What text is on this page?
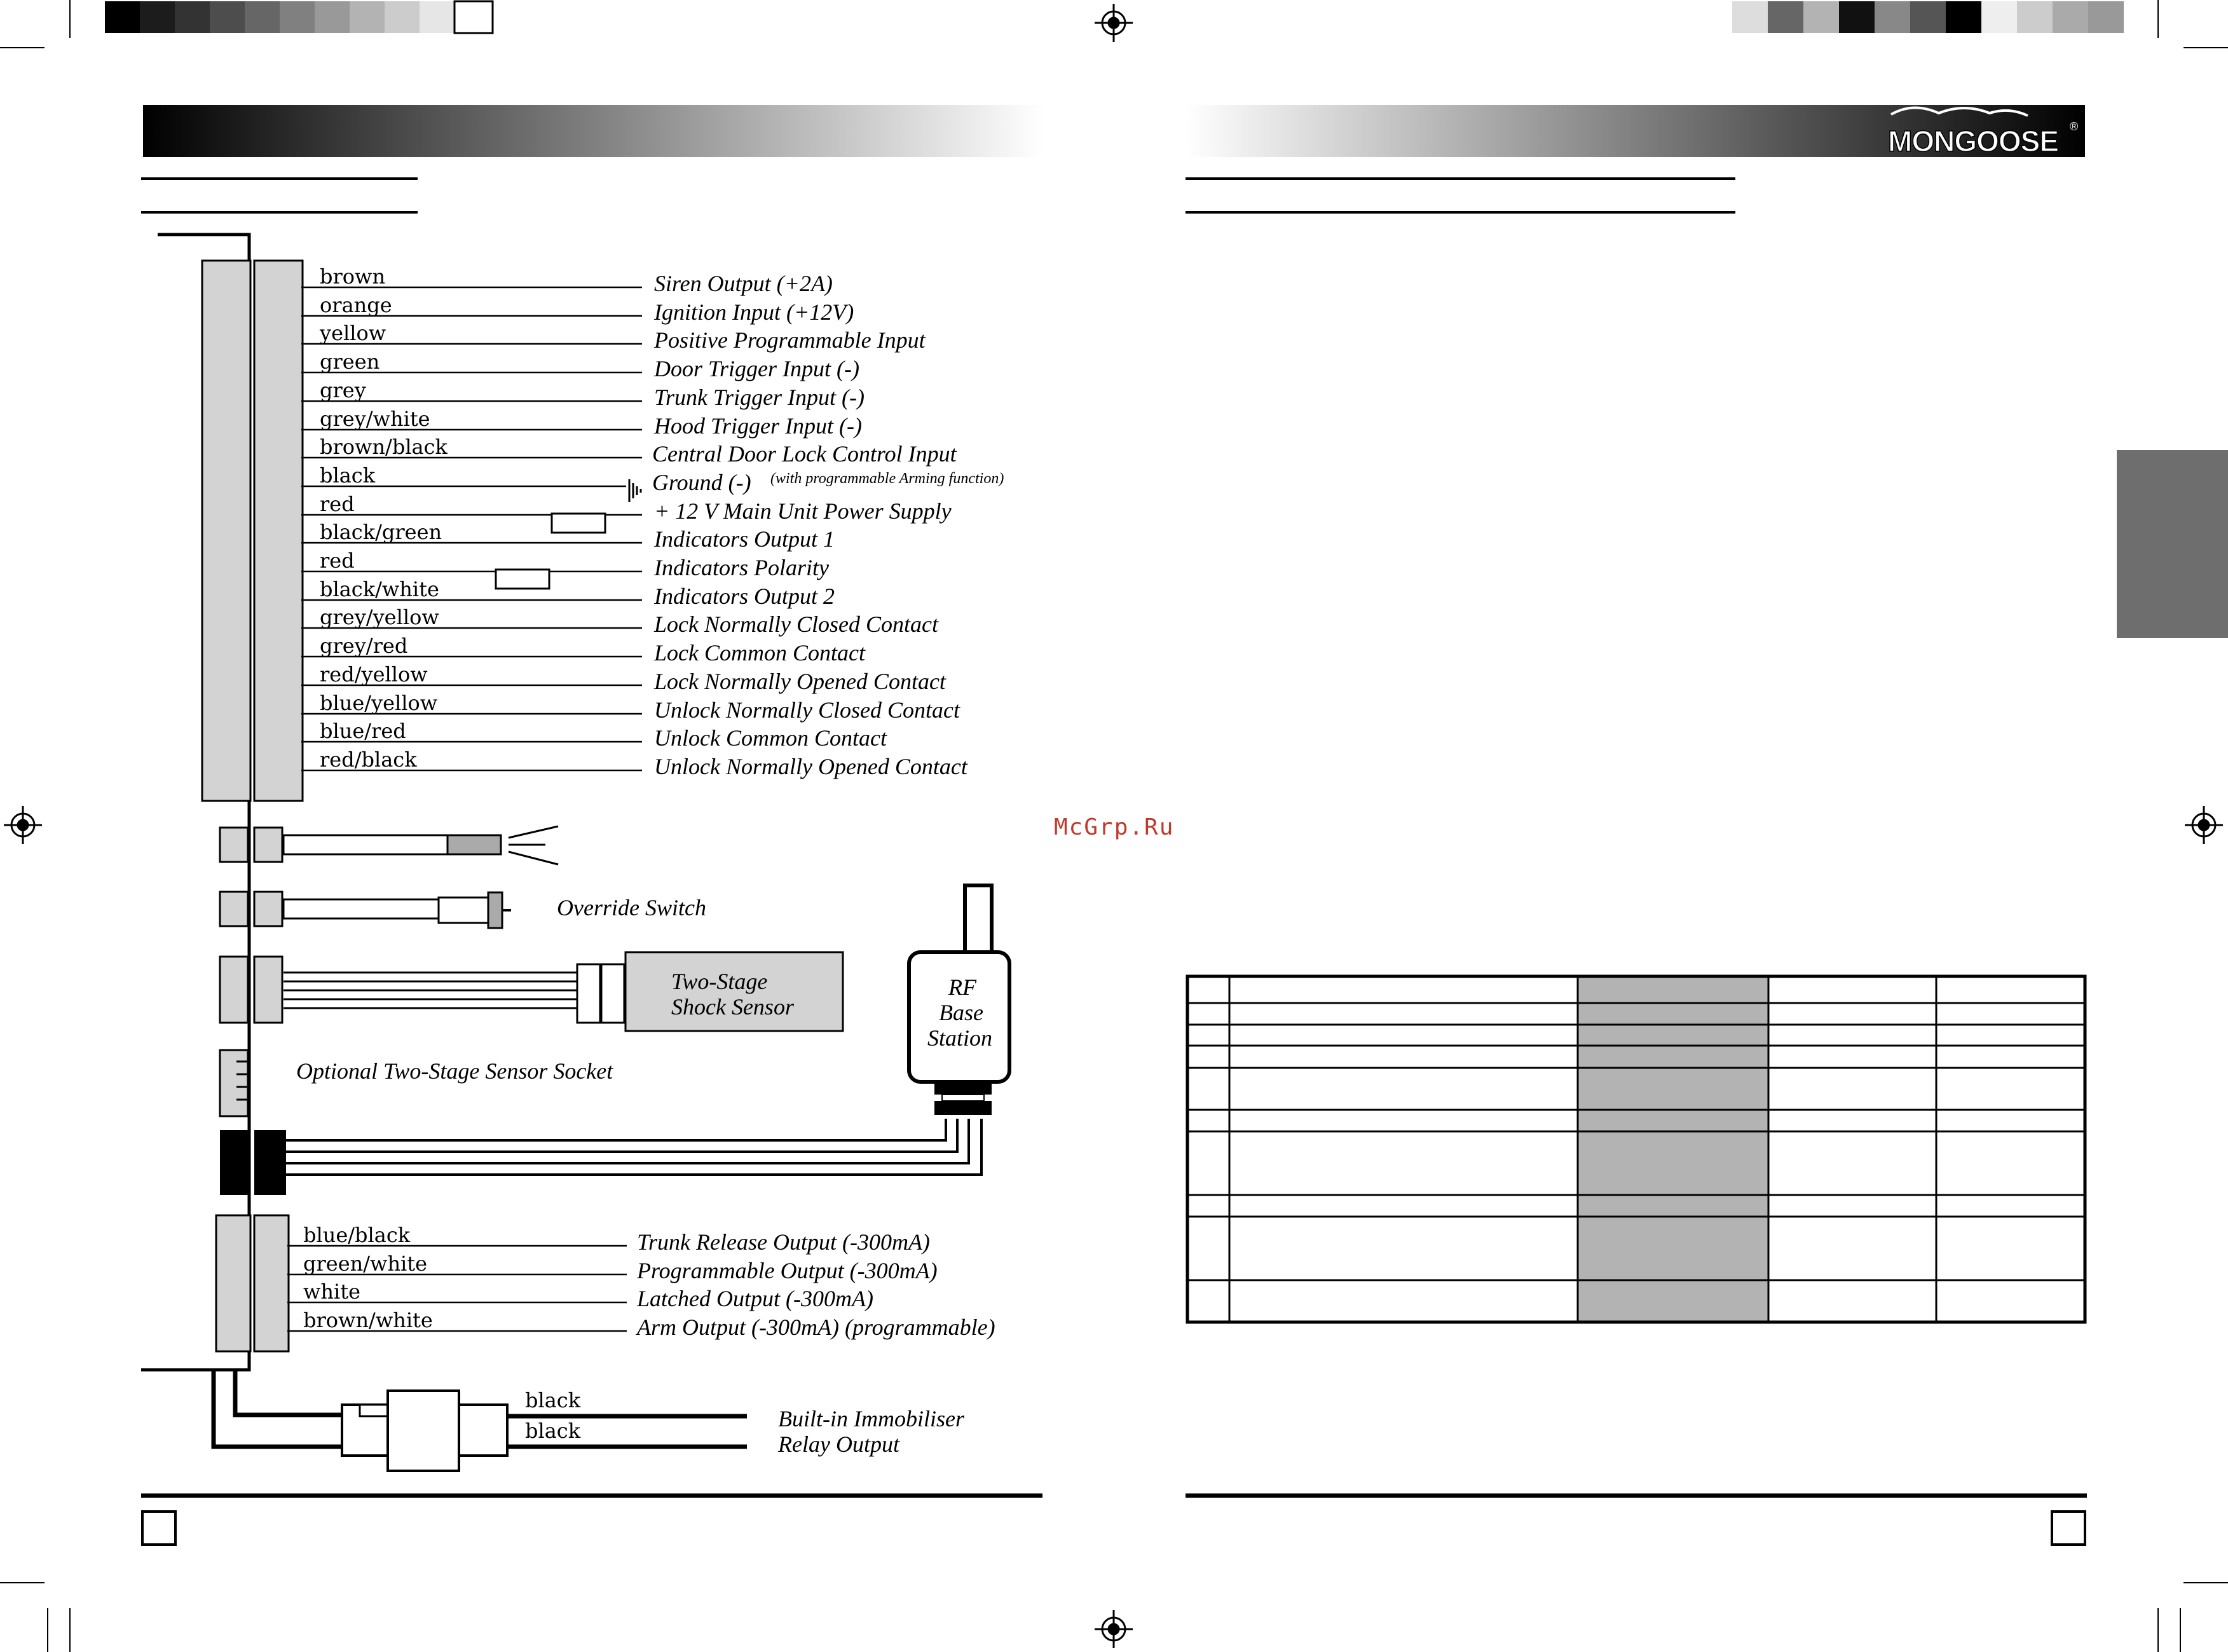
MONGOOSE ®
brown	Siren Output (+2A)
orange	Ignition Input (+12V)
yellow	Positive Programmable Input
green	Door Trigger Input (-)
grey	Trunk Trigger Input (-)
grey/white	Hood Trigger Input (-)
brown/black	Central Door Lock Control Input
black	Ground (-)
red	+ 12 V Main Unit Power Supply
black/green	Indicators Output 1
red	Indicators Polarity
black/white	Indicators Output 2
grey/yellow	Lock Normally Closed Contact
grey/red	Lock Common Contact
red/yellow	Lock Normally Opened Contact
blue/yellow	Unlock Normally Closed Contact
blue/red	Unlock Common Contact
red/black	Unlock Normally Opened Contact
(with programmable Arming function)
Override Switch
Two-Stage
Shock Sensor
Optional Two-Stage Sensor Socket
RF
Base
Station
blue/black	Trunk Release Output (-300mA)
green/white	Programmable Output (-300mA)
white	Latched Output (-300mA)
brown/white	Arm Output (-300mA) (programmable)
black
black	Built-in Immobiliser
Relay Output
McGrp.Ru
